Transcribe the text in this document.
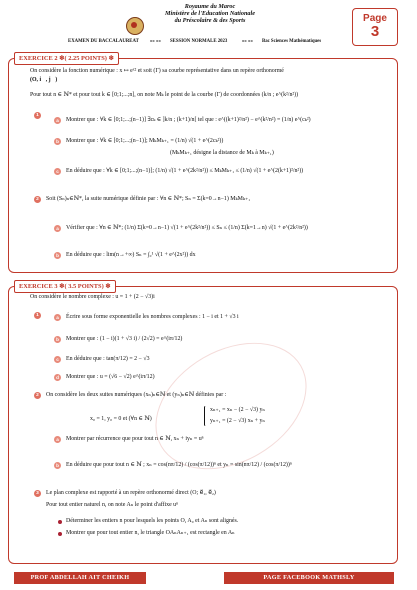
Royaume du Maroc
Ministère de l'Education Nationale
du Préscolaire & des Sports
EXAMEN DU BACCALAUREAT »» «« SESSION NORMALE 2023	»» «« Bac Sciences Mathématiques
Page
3
EXERCICE 2 ❄( 2.25 POINTS) ❄
On considère la fonction numérique : x ↦ eˣ² et soit (Γ) sa courbe représentative dans un repère orthonormé
(O, i⃗, j⃗)
Pour tout n ∈ ℕ* et pour tout k ∈ [0;1;...;n], on note Mₖ le point de la courbe (Γ) de coordonnées (k/n ; e^(k²/n²))
1
a	Montrer que : ∀k ∈ [0;1;...;(n−1)] ∃cₖ ∈ ]k/n ; (k+1)/n[ tel que : e^((k+1)²/n²) − e^(k²/n²) = (1/n) e^(cₖ²)
b	Montrer que : ∀k ∈ [0;1;...;(n−1)]; MₖMₖ₊₁ = (1/n) √(1 + e^(2cₖ²))
(MₖMₖ₊₁ désigne la distance de Mₖ à Mₖ₊₁)
c	En déduire que : ∀k ∈ [0;1;...;(n−1)]; (1/n) √(1 + e^(2k²/n²)) ≤ MₖMₖ₊₁ ≤ (1/n) √(1 + e^(2(k+1)²/n²))
2	Soit (Sₙ)ₙ∈ℕ*, la suite numérique définie par : ∀n ∈ ℕ*; Sₙ = Σ(k=0→n−1) MₖMₖ₊₁
a	Vérifier que : ∀n ∈ ℕ*; (1/n) Σ(k=0→n−1) √(1 + e^(2k²/n²)) ≤ Sₙ ≤ (1/n) Σ(k=1→n) √(1 + e^(2k²/n²))
b	En déduire que : lim(n→+∞) Sₙ = ∫₀¹ √(1 + e^(2x²)) dx
EXERCICE 3 ❄( 3.5 POINTS) ❄
On considère le nombre complexe : u = 1 + (2 − √3)i
1	a	Écrire sous forme exponentielle les nombres complexes : 1 − i et 1 + √3 i
b	Montrer que : (1 − i)(1 + √3 i) / (2√2) = e^(iπ/12)
c	En déduire que : tan(π/12) = 2 − √3
d	Montrer que : u = (√6 − √2) e^(iπ/12)
2	On considère les deux suites numériques (xₙ)ₙ∈ℕ et (yₙ)ₙ∈ℕ définies par :
x₀ = 1, y₀ = 0 et (∀n ∈ ℕ)
xₙ₊₁ = xₙ − (2 − √3) yₙ
yₙ₊₁ = (2 − √3) xₙ + yₙ
a	Montrer par récurrence que pour tout n ∈ ℕ, xₙ + iyₙ = uⁿ
b	En déduire que pour tout n ∈ ℕ ; xₙ = cos(nπ/12) / (cos(π/12))ⁿ et yₙ = sin(nπ/12) / (cos(π/12))ⁿ
3	Le plan complexe est rapporté à un repère orthonormé direct (O; e⃗₁, e⃗₂)
Pour tout entier naturel n, on note Aₙ le point d'affixe uⁿ
Déterminer les entiers n pour lesquels les points O, A₀ et Aₙ sont alignés.
Montrer que pour tout entier n, le triangle OAₙAₙ₊₁ est rectangle en Aₙ
PROF ABDELLAH AIT CHEIKH	PAGE FACEBOOK MATHSLY
